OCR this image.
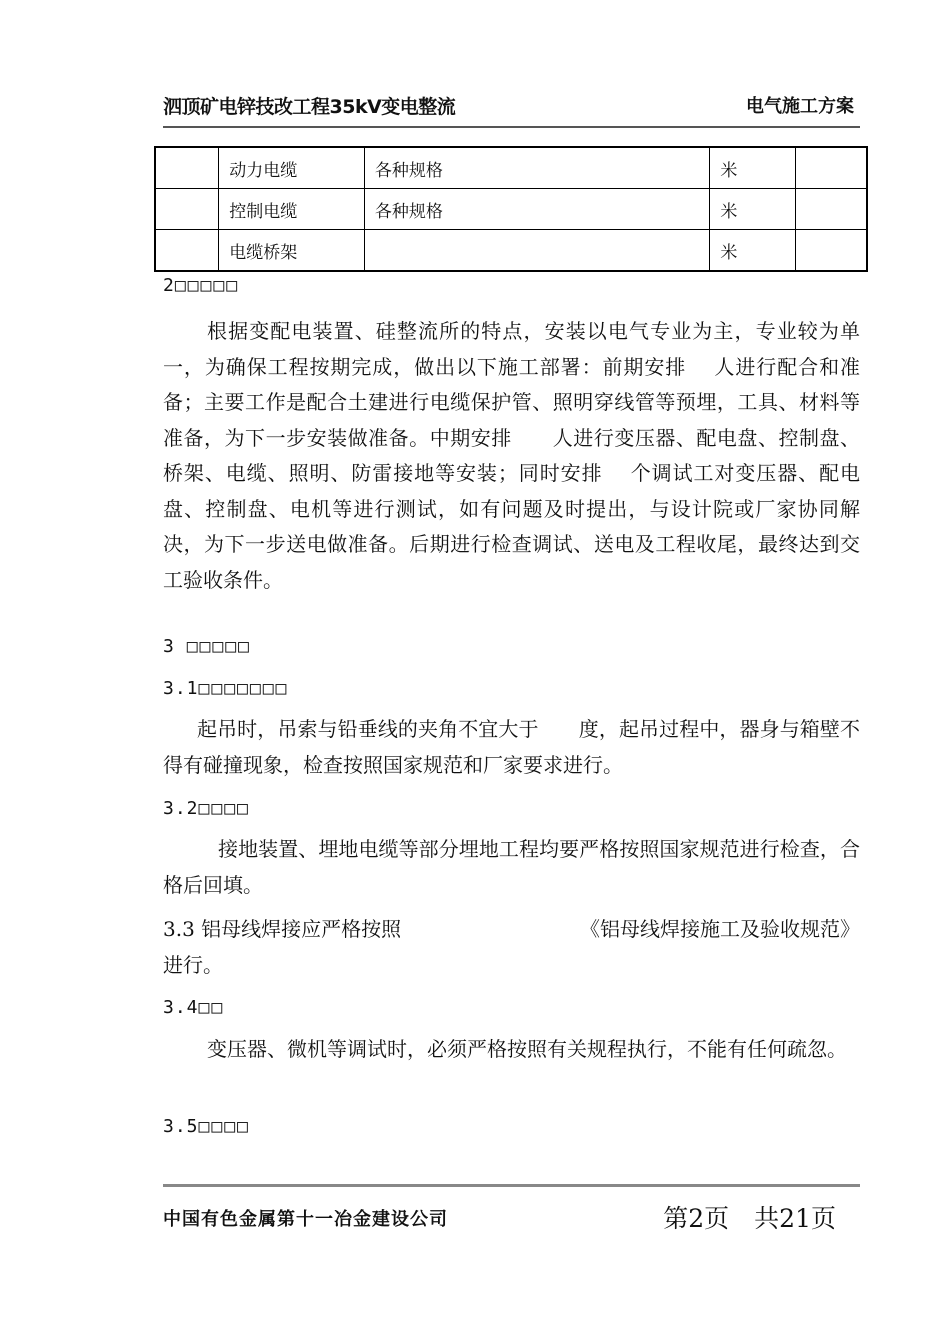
泗顶矿电锌技改工程35kV变电整流	电气施工方案
	动力电缆	各种规格	米	
	控制电缆	各种规格	米	
	电缆桥架		米	
2□□□□□
根据变配电装置、硅整流所的特点，安装以电气专业为主，专业较为单一，为确保工程按期完成，做出以下施工部署：前期安排　 人进行配合和准备；主要工作是配合土建进行电缆保护管、照明穿线管等预埋，工具、材料等准备，为下一步安装做准备。中期安排　　人进行变压器、配电盘、控制盘、桥架、电缆、照明、防雷接地等安装；同时安排　 个调试工对变压器、配电盘、控制盘、电机等进行测试，如有问题及时提出，与设计院或厂家协同解决，为下一步送电做准备。后期进行检查调试、送电及工程收尾，最终达到交工验收条件。
3 □□□□□
3.1□□□□□□□
起吊时，吊索与铅垂线的夹角不宜大于　　度，起吊过程中，器身与箱壁不得有碰撞现象，检查按照国家规范和厂家要求进行。
3.2□□□□
接地装置、埋地电缆等部分埋地工程均要严格按照国家规范进行检查，合格后回填。
3.3 铝母线焊接应严格按照	《铝母线焊接施工及验收规范》

进行。
3.4□□
变压器、微机等调试时，必须严格按照有关规程执行，不能有任何疏忽。
3.5□□□□
中国有色金属第十一冶金建设公司	第2页　共21页
